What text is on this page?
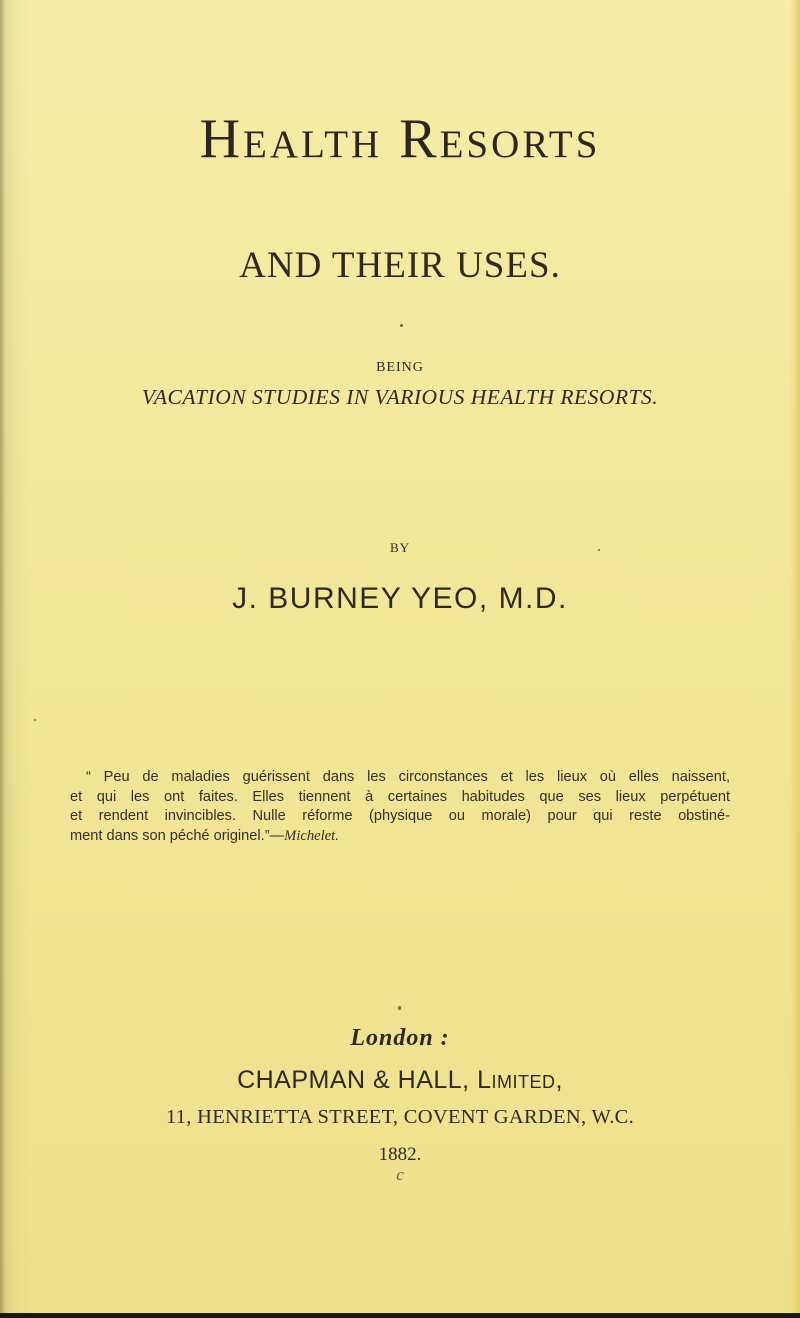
Health Resorts
AND THEIR USES.
BEING
VACATION STUDIES IN VARIOUS HEALTH RESORTS.
BY
J. BURNEY YEO, M.D.
“ Peu de maladies guérissent dans les circonstances et les lieux où elles naissent,
et qui les ont faites. Elles tiennent à certaines habitudes que ses lieux perpétuent
et rendent invincibles. Nulle réforme (physique ou morale) pour qui reste obstiné-
ment dans son péché originel.”—Michelet.
London :
CHAPMAN & HALL, Limited,
11, HENRIETTA STREET, COVENT GARDEN, W.C.
1882.
c
